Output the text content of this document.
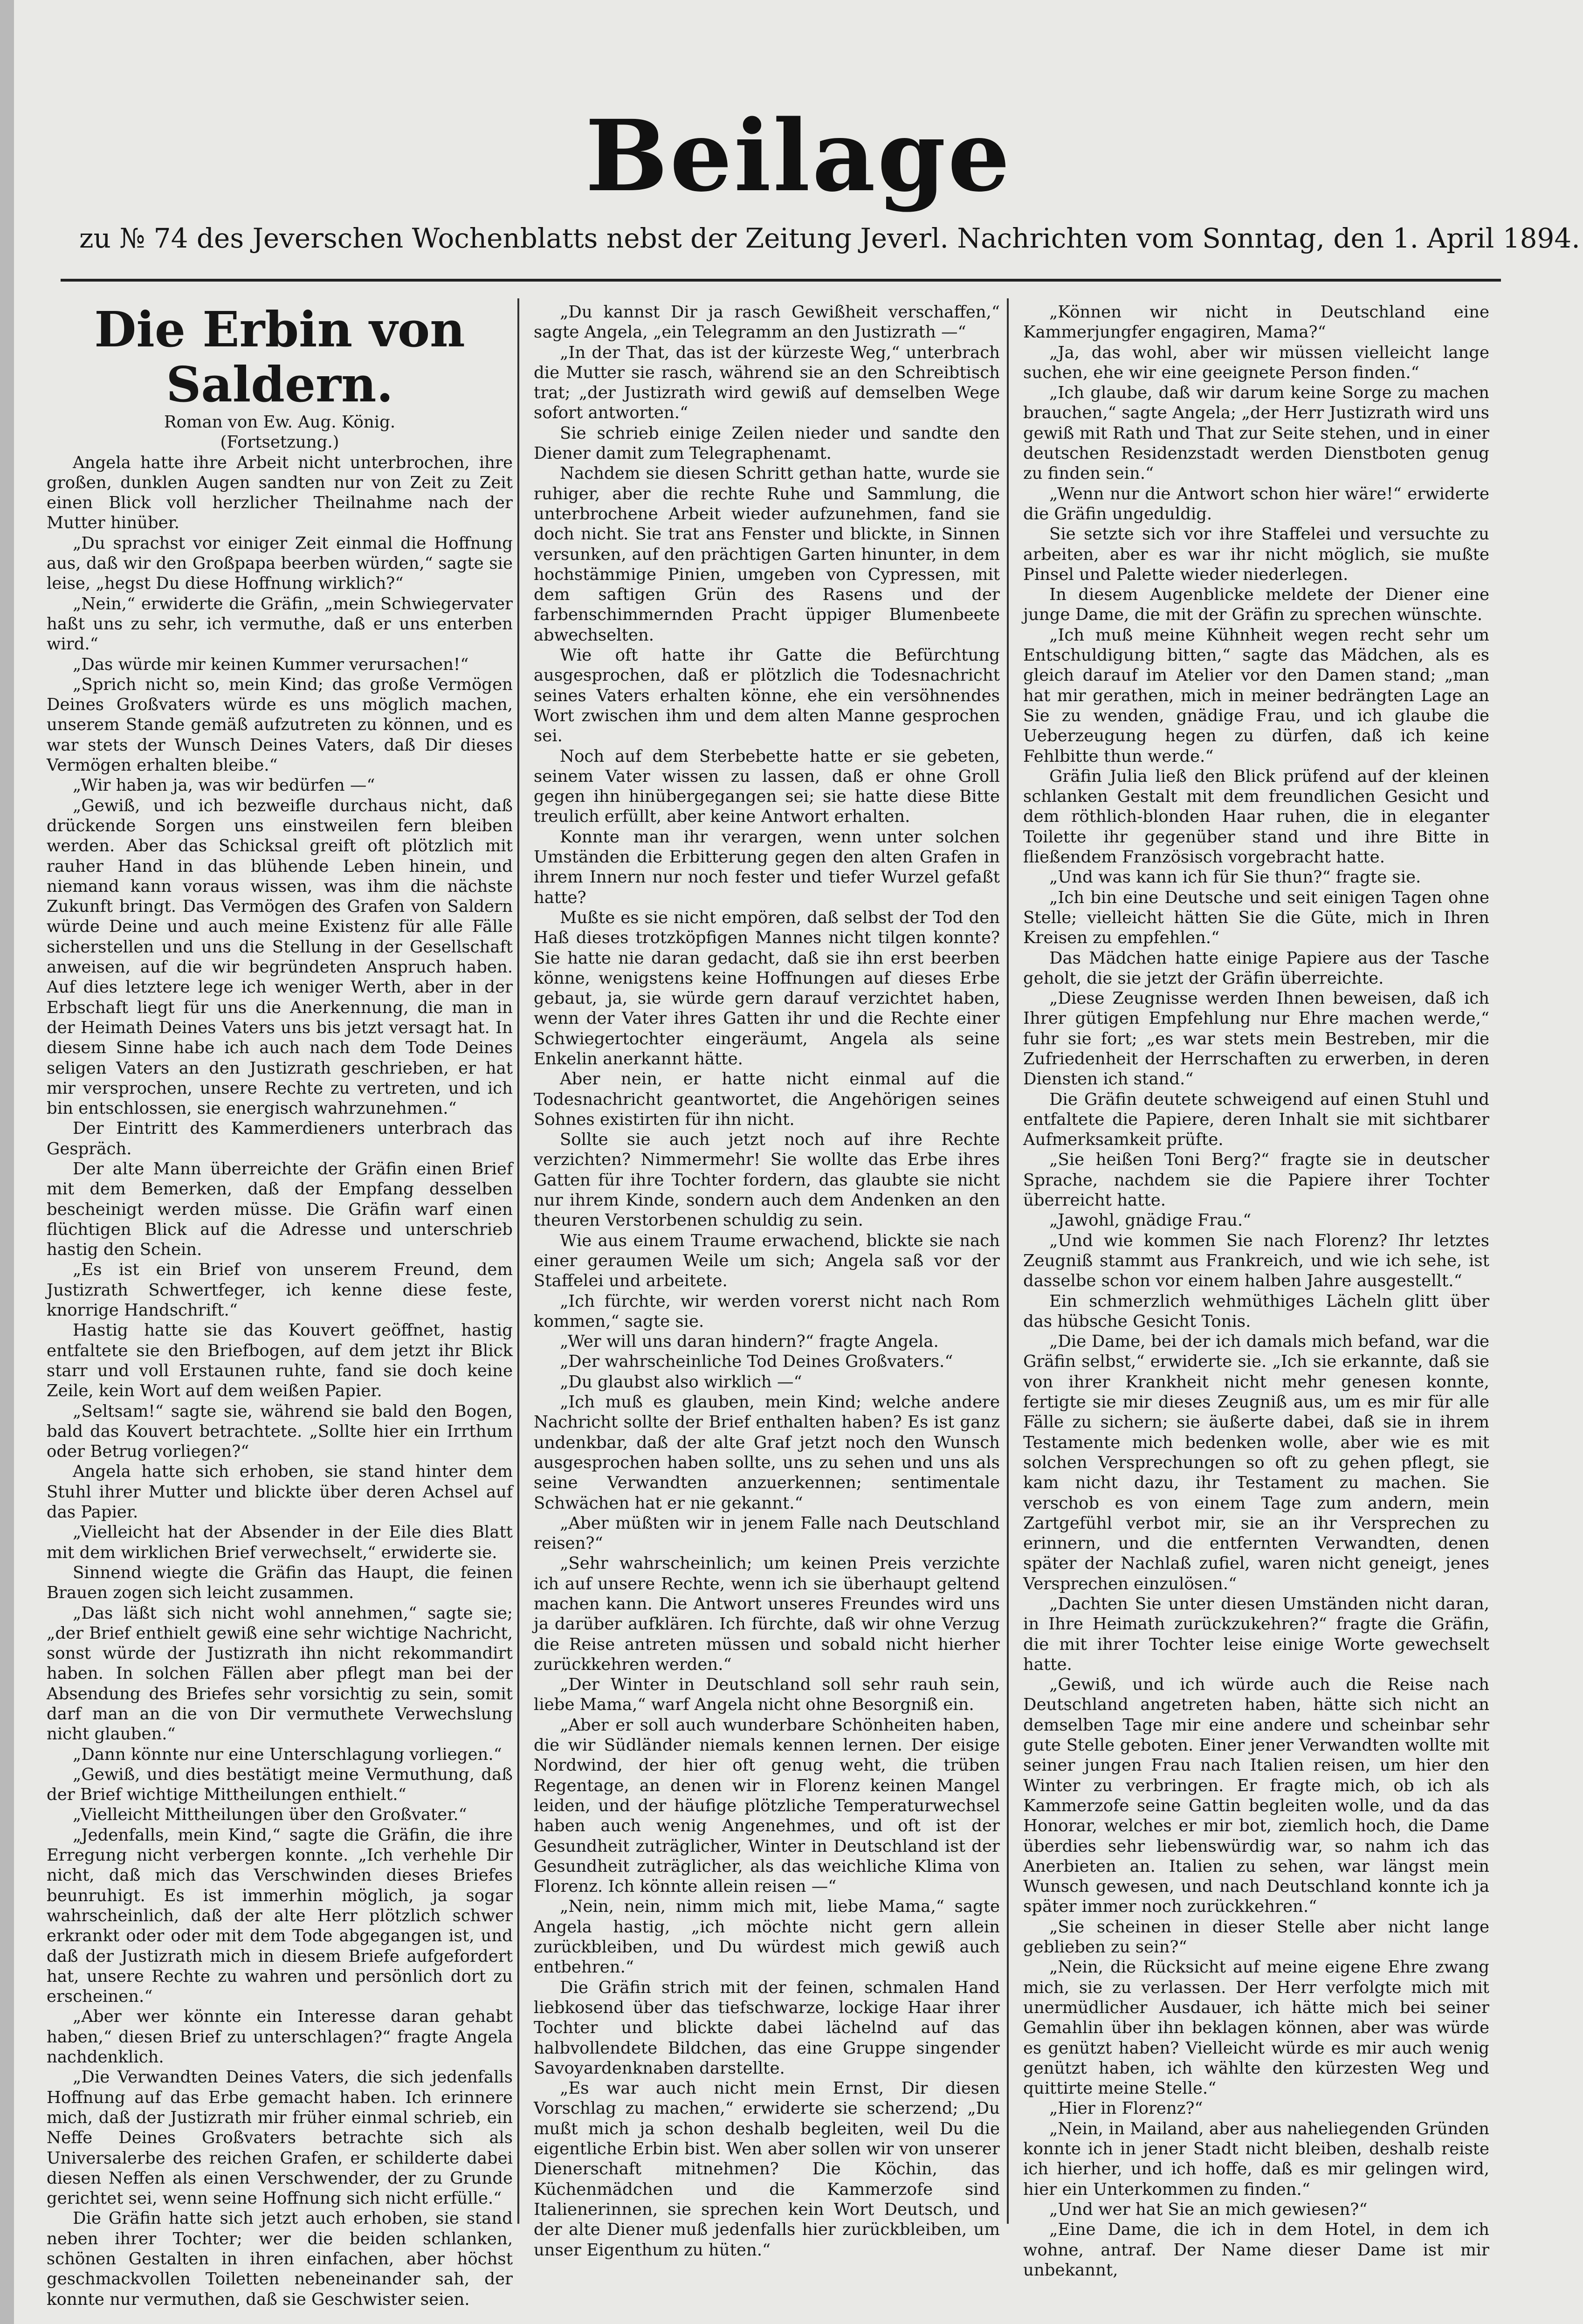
Beilage
zu № 74 des Jeverschen Wochenblatts nebst der Zeitung Jeverl. Nachrichten vom Sonntag, den 1. April 1894.

Die Erbin von Saldern.

Roman von Ew. Aug. König.

(Fortsetzung.)

Angela hatte ihre Arbeit nicht unterbrochen, ihre großen, dunklen Augen sandten nur von Zeit zu Zeit einen Blick voll herzlicher Theilnahme nach der Mutter hinüber.

„Du sprachst vor einiger Zeit einmal die Hoffnung aus, daß wir den Großpapa beerben würden,“ sagte sie leise, „hegst Du diese Hoffnung wirklich?“

„Nein,“ erwiderte die Gräfin, „mein Schwiegervater haßt uns zu sehr, ich vermuthe, daß er uns enterben wird.“

„Das würde mir keinen Kummer verursachen!“

„Sprich nicht so, mein Kind; das große Vermögen Deines Großvaters würde es uns möglich machen, unserem Stande gemäß aufzutreten zu können, und es war stets der Wunsch Deines Vaters, daß Dir dieses Vermögen erhalten bleibe.“

„Wir haben ja, was wir bedürfen —“

„Gewiß, und ich bezweifle durchaus nicht, daß drückende Sorgen uns einstweilen fern bleiben werden. Aber das Schicksal greift oft plötzlich mit rauher Hand in das blühende Leben hinein, und niemand kann voraus wissen, was ihm die nächste Zukunft bringt. Das Vermögen des Grafen von Saldern würde Deine und auch meine Existenz für alle Fälle sicherstellen und uns die Stellung in der Gesellschaft anweisen, auf die wir begründeten Anspruch haben. Auf dies letztere lege ich weniger Werth, aber in der Erbschaft liegt für uns die Anerkennung, die man in der Heimath Deines Vaters uns bis jetzt versagt hat. In diesem Sinne habe ich auch nach dem Tode Deines seligen Vaters an den Justizrath geschrieben, er hat mir versprochen, unsere Rechte zu vertreten, und ich bin entschlossen, sie energisch wahrzunehmen.“

Der Eintritt des Kammerdieners unterbrach das Gespräch.

Der alte Mann überreichte der Gräfin einen Brief mit dem Bemerken, daß der Empfang desselben bescheinigt werden müsse. Die Gräfin warf einen flüchtigen Blick auf die Adresse und unterschrieb hastig den Schein.

„Es ist ein Brief von unserem Freund, dem Justizrath Schwertfeger, ich kenne diese feste, knorrige Handschrift.“

Hastig hatte sie das Kouvert geöffnet, hastig entfaltete sie den Briefbogen, auf dem jetzt ihr Blick starr und voll Erstaunen ruhte, fand sie doch keine Zeile, kein Wort auf dem weißen Papier.

„Seltsam!“ sagte sie, während sie bald den Bogen, bald das Kouvert betrachtete. „Sollte hier ein Irrthum oder Betrug vorliegen?“

Angela hatte sich erhoben, sie stand hinter dem Stuhl ihrer Mutter und blickte über deren Achsel auf das Papier.

„Vielleicht hat der Absender in der Eile dies Blatt mit dem wirklichen Brief verwechselt,“ erwiderte sie.

Sinnend wiegte die Gräfin das Haupt, die feinen Brauen zogen sich leicht zusammen.

„Das läßt sich nicht wohl annehmen,“ sagte sie; „der Brief enthielt gewiß eine sehr wichtige Nachricht, sonst würde der Justizrath ihn nicht rekommandirt haben. In solchen Fällen aber pflegt man bei der Absendung des Briefes sehr vorsichtig zu sein, somit darf man an die von Dir vermuthete Verwechslung nicht glauben.“

„Dann könnte nur eine Unterschlagung vorliegen.“

„Gewiß, und dies bestätigt meine Vermuthung, daß der Brief wichtige Mittheilungen enthielt.“

„Vielleicht Mittheilungen über den Großvater.“

„Jedenfalls, mein Kind,“ sagte die Gräfin, die ihre Erregung nicht verbergen konnte. „Ich verhehle Dir nicht, daß mich das Verschwinden dieses Briefes beunruhigt. Es ist immerhin möglich, ja sogar wahrscheinlich, daß der alte Herr plötzlich schwer erkrankt oder oder mit dem Tode abgegangen ist, und daß der Justizrath mich in diesem Briefe aufgefordert hat, unsere Rechte zu wahren und persönlich dort zu erscheinen.“

„Aber wer könnte ein Interesse daran gehabt haben,“ diesen Brief zu unterschlagen?“ fragte Angela nachdenklich.

„Die Verwandten Deines Vaters, die sich jedenfalls Hoffnung auf das Erbe gemacht haben. Ich erinnere mich, daß der Justizrath mir früher einmal schrieb, ein Neffe Deines Großvaters betrachte sich als Universalerbe des reichen Grafen, er schilderte dabei diesen Neffen als einen Verschwender, der zu Grunde gerichtet sei, wenn seine Hoffnung sich nicht erfülle.“

Die Gräfin hatte sich jetzt auch erhoben, sie stand neben ihrer Tochter; wer die beiden schlanken, schönen Gestalten in ihren einfachen, aber höchst geschmackvollen Toiletten nebeneinander sah, der konnte nur vermuthen, daß sie Geschwister seien.

„Du kannst Dir ja rasch Gewißheit verschaffen,“ sagte Angela, „ein Telegramm an den Justizrath —“

„In der That, das ist der kürzeste Weg,“ unterbrach die Mutter sie rasch, während sie an den Schreibtisch trat; „der Justizrath wird gewiß auf demselben Wege sofort antworten.“

Sie schrieb einige Zeilen nieder und sandte den Diener damit zum Telegraphenamt.

Nachdem sie diesen Schritt gethan hatte, wurde sie ruhiger, aber die rechte Ruhe und Sammlung, die unterbrochene Arbeit wieder aufzunehmen, fand sie doch nicht. Sie trat ans Fenster und blickte, in Sinnen versunken, auf den prächtigen Garten hinunter, in dem hochstämmige Pinien, umgeben von Cypressen, mit dem saftigen Grün des Rasens und der farbenschimmernden Pracht üppiger Blumenbeete abwechselten.

Wie oft hatte ihr Gatte die Befürchtung ausgesprochen, daß er plötzlich die Todesnachricht seines Vaters erhalten könne, ehe ein versöhnendes Wort zwischen ihm und dem alten Manne gesprochen sei.

Noch auf dem Sterbebette hatte er sie gebeten, seinem Vater wissen zu lassen, daß er ohne Groll gegen ihn hinübergegangen sei; sie hatte diese Bitte treulich erfüllt, aber keine Antwort erhalten.

Konnte man ihr verargen, wenn unter solchen Umständen die Erbitterung gegen den alten Grafen in ihrem Innern nur noch fester und tiefer Wurzel gefaßt hatte?

Mußte es sie nicht empören, daß selbst der Tod den Haß dieses trotzköpfigen Mannes nicht tilgen konnte? Sie hatte nie daran gedacht, daß sie ihn erst beerben könne, wenigstens keine Hoffnungen auf dieses Erbe gebaut, ja, sie würde gern darauf verzichtet haben, wenn der Vater ihres Gatten ihr und die Rechte einer Schwiegertochter eingeräumt, Angela als seine Enkelin anerkannt hätte.

Aber nein, er hatte nicht einmal auf die Todesnachricht geantwortet, die Angehörigen seines Sohnes existirten für ihn nicht.

Sollte sie auch jetzt noch auf ihre Rechte verzichten? Nimmermehr! Sie wollte das Erbe ihres Gatten für ihre Tochter fordern, das glaubte sie nicht nur ihrem Kinde, sondern auch dem Andenken an den theuren Verstorbenen schuldig zu sein.

Wie aus einem Traume erwachend, blickte sie nach einer geraumen Weile um sich; Angela saß vor der Staffelei und arbeitete.

„Ich fürchte, wir werden vorerst nicht nach Rom kommen,“ sagte sie.

„Wer will uns daran hindern?“ fragte Angela.

„Der wahrscheinliche Tod Deines Großvaters.“

„Du glaubst also wirklich —“

„Ich muß es glauben, mein Kind; welche andere Nachricht sollte der Brief enthalten haben? Es ist ganz undenkbar, daß der alte Graf jetzt noch den Wunsch ausgesprochen haben sollte, uns zu sehen und uns als seine Verwandten anzuerkennen; sentimentale Schwächen hat er nie gekannt.“

„Aber müßten wir in jenem Falle nach Deutschland reisen?“

„Sehr wahrscheinlich; um keinen Preis verzichte ich auf unsere Rechte, wenn ich sie überhaupt geltend machen kann. Die Antwort unseres Freundes wird uns ja darüber aufklären. Ich fürchte, daß wir ohne Verzug die Reise antreten müssen und sobald nicht hierher zurückkehren werden.“

„Der Winter in Deutschland soll sehr rauh sein, liebe Mama,“ warf Angela nicht ohne Besorgniß ein.

„Aber er soll auch wunderbare Schönheiten haben, die wir Südländer niemals kennen lernen. Der eisige Nordwind, der hier oft genug weht, die trüben Regentage, an denen wir in Florenz keinen Mangel leiden, und der häufige plötzliche Temperaturwechsel haben auch wenig Angenehmes, und oft ist der Gesundheit zuträglicher, Winter in Deutschland ist der Gesundheit zuträglicher, als das weichliche Klima von Florenz. Ich könnte allein reisen —“

„Nein, nein, nimm mich mit, liebe Mama,“ sagte Angela hastig, „ich möchte nicht gern allein zurückbleiben, und Du würdest mich gewiß auch entbehren.“

Die Gräfin strich mit der feinen, schmalen Hand liebkosend über das tiefschwarze, lockige Haar ihrer Tochter und blickte dabei lächelnd auf das halbvollendete Bildchen, das eine Gruppe singender Savoyardenknaben darstellte.

„Es war auch nicht mein Ernst, Dir diesen Vorschlag zu machen,“ erwiderte sie scherzend; „Du mußt mich ja schon deshalb begleiten, weil Du die eigentliche Erbin bist. Wen aber sollen wir von unserer Dienerschaft mitnehmen? Die Köchin, das Küchenmädchen und die Kammerzofe sind Italienerinnen, sie sprechen kein Wort Deutsch, und der alte Diener muß jedenfalls hier zurückbleiben, um unser Eigenthum zu hüten.“

„Können wir nicht in Deutschland eine Kammerjungfer engagiren, Mama?“

„Ja, das wohl, aber wir müssen vielleicht lange suchen, ehe wir eine geeignete Person finden.“

„Ich glaube, daß wir darum keine Sorge zu machen brauchen,“ sagte Angela; „der Herr Justizrath wird uns gewiß mit Rath und That zur Seite stehen, und in einer deutschen Residenzstadt werden Dienstboten genug zu finden sein.“

„Wenn nur die Antwort schon hier wäre!“ erwiderte die Gräfin ungeduldig.

Sie setzte sich vor ihre Staffelei und versuchte zu arbeiten, aber es war ihr nicht möglich, sie mußte Pinsel und Palette wieder niederlegen.

In diesem Augenblicke meldete der Diener eine junge Dame, die mit der Gräfin zu sprechen wünschte.

„Ich muß meine Kühnheit wegen recht sehr um Entschuldigung bitten,“ sagte das Mädchen, als es gleich darauf im Atelier vor den Damen stand; „man hat mir gerathen, mich in meiner bedrängten Lage an Sie zu wenden, gnädige Frau, und ich glaube die Ueberzeugung hegen zu dürfen, daß ich keine Fehlbitte thun werde.“

Gräfin Julia ließ den Blick prüfend auf der kleinen schlanken Gestalt mit dem freundlichen Gesicht und dem röthlich-blonden Haar ruhen, die in eleganter Toilette ihr gegenüber stand und ihre Bitte in fließendem Französisch vorgebracht hatte.

„Und was kann ich für Sie thun?“ fragte sie.

„Ich bin eine Deutsche und seit einigen Tagen ohne Stelle; vielleicht hätten Sie die Güte, mich in Ihren Kreisen zu empfehlen.“

Das Mädchen hatte einige Papiere aus der Tasche geholt, die sie jetzt der Gräfin überreichte.

„Diese Zeugnisse werden Ihnen beweisen, daß ich Ihrer gütigen Empfehlung nur Ehre machen werde,“ fuhr sie fort; „es war stets mein Bestreben, mir die Zufriedenheit der Herrschaften zu erwerben, in deren Diensten ich stand.“

Die Gräfin deutete schweigend auf einen Stuhl und entfaltete die Papiere, deren Inhalt sie mit sichtbarer Aufmerksamkeit prüfte.

„Sie heißen Toni Berg?“ fragte sie in deutscher Sprache, nachdem sie die Papiere ihrer Tochter überreicht hatte.

„Jawohl, gnädige Frau.“

„Und wie kommen Sie nach Florenz? Ihr letztes Zeugniß stammt aus Frankreich, und wie ich sehe, ist dasselbe schon vor einem halben Jahre ausgestellt.“

Ein schmerzlich wehmüthiges Lächeln glitt über das hübsche Gesicht Tonis.

„Die Dame, bei der ich damals mich befand, war die Gräfin selbst,“ erwiderte sie. „Ich sie erkannte, daß sie von ihrer Krankheit nicht mehr genesen konnte, fertigte sie mir dieses Zeugniß aus, um es mir für alle Fälle zu sichern; sie äußerte dabei, daß sie in ihrem Testamente mich bedenken wolle, aber wie es mit solchen Versprechungen so oft zu gehen pflegt, sie kam nicht dazu, ihr Testament zu machen. Sie verschob es von einem Tage zum andern, mein Zartgefühl verbot mir, sie an ihr Versprechen zu erinnern, und die entfernten Verwandten, denen später der Nachlaß zufiel, waren nicht geneigt, jenes Versprechen einzulösen.“

„Dachten Sie unter diesen Umständen nicht daran, in Ihre Heimath zurückzukehren?“ fragte die Gräfin, die mit ihrer Tochter leise einige Worte gewechselt hatte.

„Gewiß, und ich würde auch die Reise nach Deutschland angetreten haben, hätte sich nicht an demselben Tage mir eine andere und scheinbar sehr gute Stelle geboten. Einer jener Verwandten wollte mit seiner jungen Frau nach Italien reisen, um hier den Winter zu verbringen. Er fragte mich, ob ich als Kammerzofe seine Gattin begleiten wolle, und da das Honorar, welches er mir bot, ziemlich hoch, die Dame überdies sehr liebenswürdig war, so nahm ich das Anerbieten an. Italien zu sehen, war längst mein Wunsch gewesen, und nach Deutschland konnte ich ja später immer noch zurückkehren.“

„Sie scheinen in dieser Stelle aber nicht lange geblieben zu sein?“

„Nein, die Rücksicht auf meine eigene Ehre zwang mich, sie zu verlassen. Der Herr verfolgte mich mit unermüdlicher Ausdauer, ich hätte mich bei seiner Gemahlin über ihn beklagen können, aber was würde es genützt haben? Vielleicht würde es mir auch wenig genützt haben, ich wählte den kürzesten Weg und quittirte meine Stelle.“

„Hier in Florenz?“

„Nein, in Mailand, aber aus naheliegenden Gründen konnte ich in jener Stadt nicht bleiben, deshalb reiste ich hierher, und ich hoffe, daß es mir gelingen wird, hier ein Unterkommen zu finden.“

„Und wer hat Sie an mich gewiesen?“

„Eine Dame, die ich in dem Hotel, in dem ich wohne, antraf. Der Name dieser Dame ist mir unbekannt,
